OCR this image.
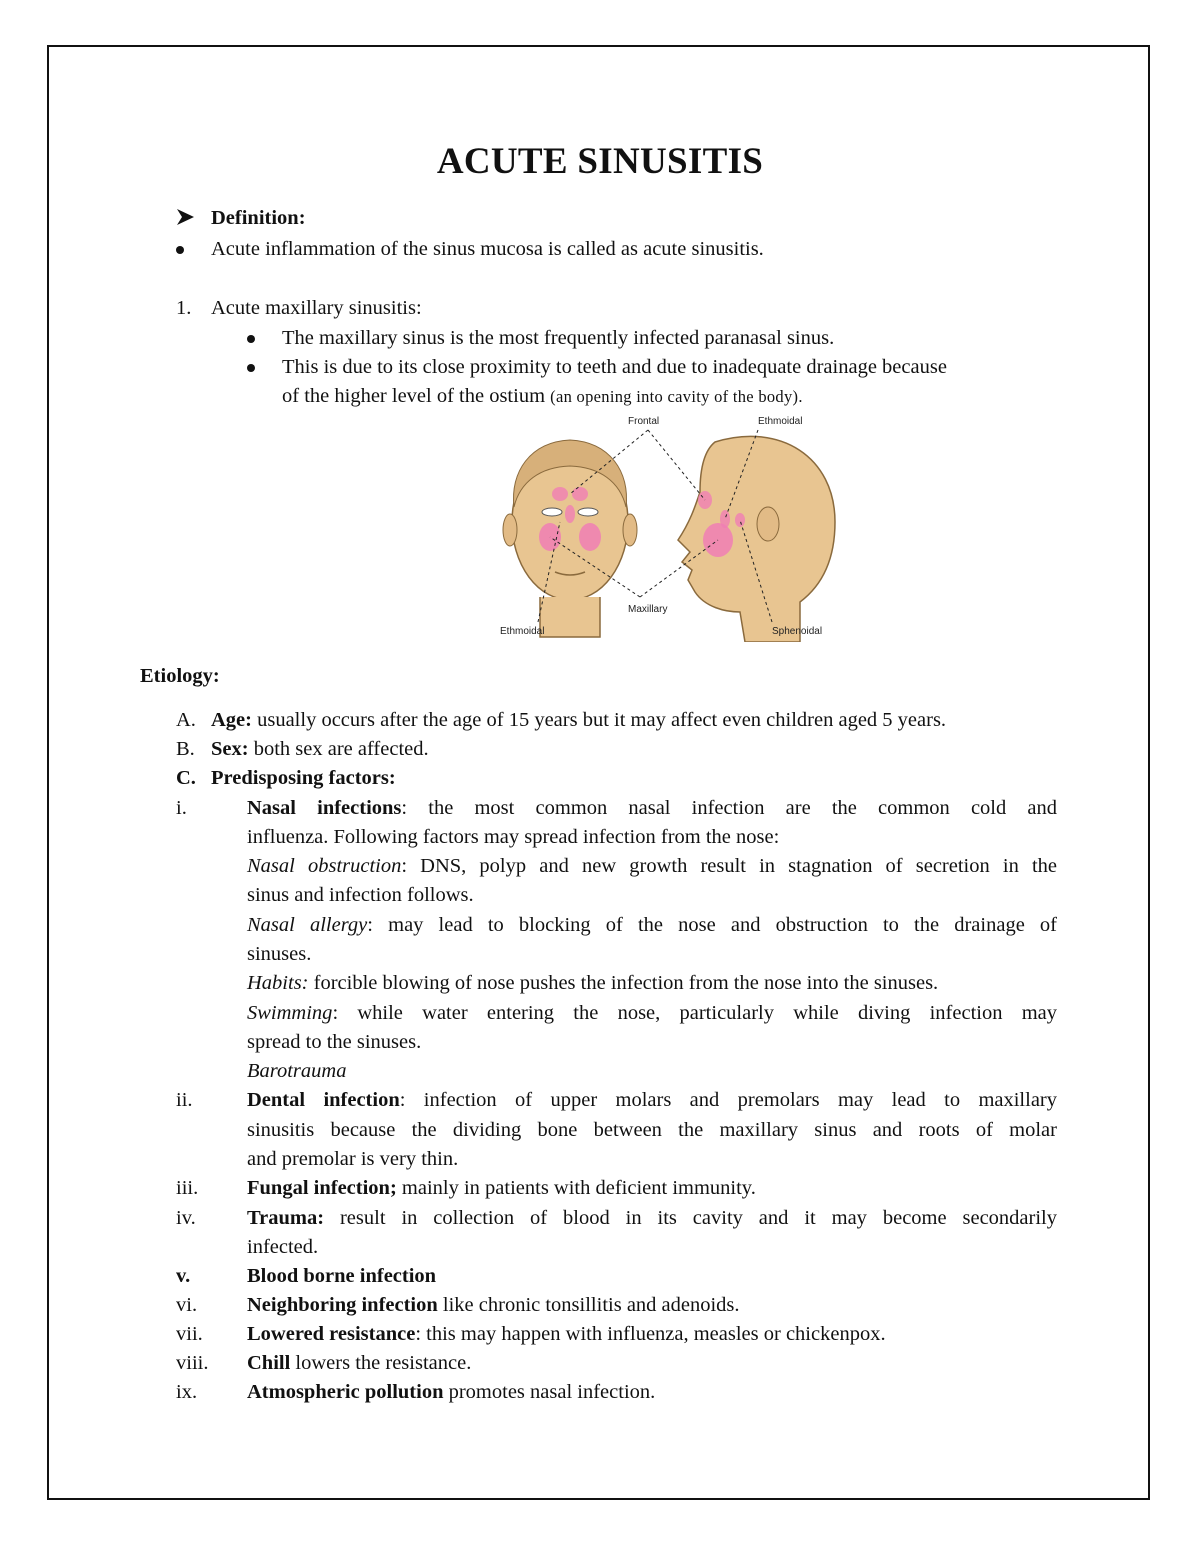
ACUTE SINUSITIS
Definition:
Acute inflammation of the sinus mucosa is called as acute sinusitis.
1. Acute maxillary sinusitis:
The maxillary sinus is the most frequently infected paranasal sinus.
This is due to its close proximity to teeth and due to inadequate drainage because
of the higher level of the ostium (an opening into cavity of the body).
Frontal	Ethmoidal
Maxillary
Ethmoidal	Sphenoidal
Etiology:
A. Age: usually occurs after the age of 15 years but it may affect even children aged 5 years.
B. Sex: both sex are affected.
C. Predisposing factors:
i.	Nasal infections: the most common nasal infection are the common cold and
influenza. Following factors may spread infection from the nose:
Nasal obstruction: DNS, polyp and new growth result in stagnation of secretion in the
sinus and infection follows.
Nasal allergy: may lead to blocking of the nose and obstruction to the drainage of
sinuses.
Habits: forcible blowing of nose pushes the infection from the nose into the sinuses.
Swimming: while water entering the nose, particularly while diving infection may
spread to the sinuses.
Barotrauma
ii.	Dental infection: infection of upper molars and premolars may lead to maxillary
sinusitis because the dividing bone between the maxillary sinus and roots of molar
and premolar is very thin.
iii. Fungal infection; mainly in patients with deficient immunity.
iv.	Trauma: result in collection of blood in its cavity and it may become secondarily
infected.
v.	Blood borne infection
vi. Neighboring infection like chronic tonsillitis and adenoids.
vii. Lowered resistance: this may happen with influenza, measles or chickenpox.
viii. Chill lowers the resistance.
ix. Atmospheric pollution promotes nasal infection.
